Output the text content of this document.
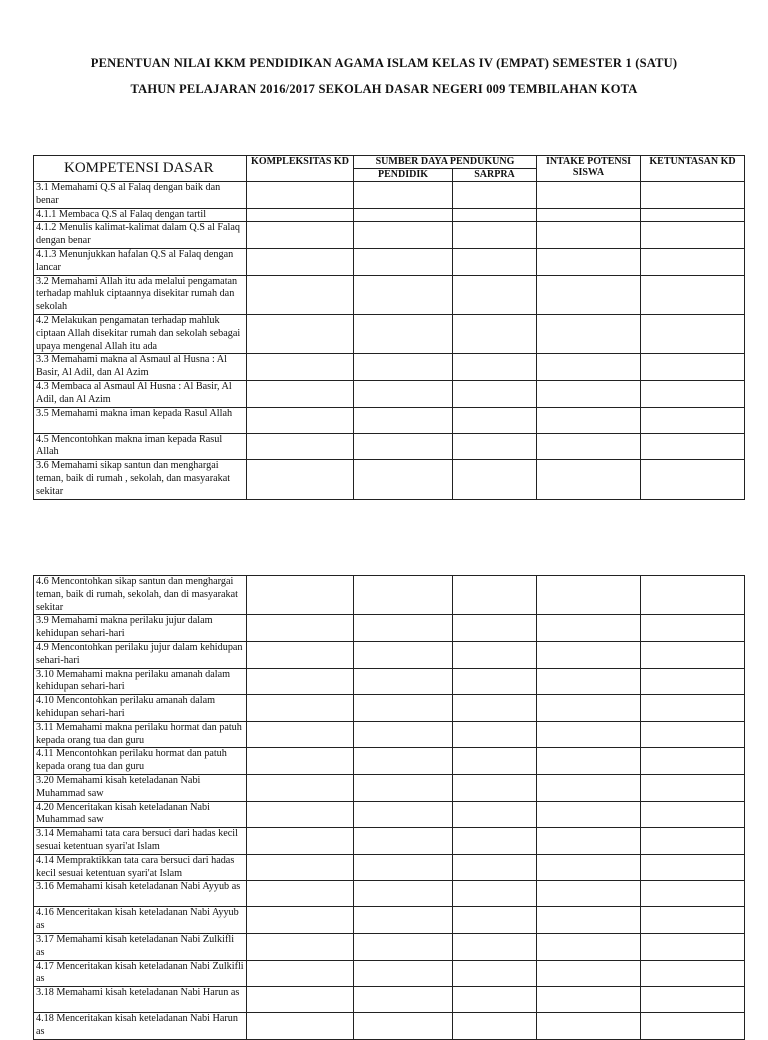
PENENTUAN NILAI KKM PENDIDIKAN AGAMA ISLAM KELAS IV (EMPAT) SEMESTER 1 (SATU)
TAHUN PELAJARAN 2016/2017 SEKOLAH DASAR NEGERI 009 TEMBILAHAN KOTA
KOMPETENSI DASAR	KOMPLEKSITAS KD	SUMBER DAYA PENDUKUNG		INTAKE POTENSI SISWA	KETUNTASAN KD
		PENDIDIK	SARPRA		
3.1 Memahami Q.S al Falaq dengan baik dan benar					
4.1.1 Membaca Q.S al Falaq dengan tartil					
4.1.2 Menulis kalimat-kalimat dalam Q.S al Falaq dengan benar					
4.1.3 Menunjukkan hafalan Q.S al Falaq dengan lancar					
3.2 Memahami Allah itu ada melalui pengamatan terhadap mahluk ciptaannya disekitar rumah dan sekolah					
4.2 Melakukan pengamatan terhadap mahluk ciptaan Allah disekitar rumah dan sekolah sebagai upaya mengenal Allah itu ada					
3.3 Memahami makna al Asmaul al Husna : Al Basir, Al Adil, dan Al Azim					
4.3 Membaca al Asmaul Al Husna : Al Basir, Al Adil, dan Al Azim					
3.5 Memahami makna iman kepada Rasul Allah					
4.5 Mencontohkan makna iman kepada Rasul Allah					
3.6 Memahami sikap santun dan menghargai teman, baik di rumah , sekolah, dan masyarakat sekitar					
4.6 Mencontohkan sikap santun dan menghargai teman, baik di rumah, sekolah, dan di masyarakat sekitar					
3.9 Memahami makna perilaku jujur dalam kehidupan sehari-hari					
4.9 Mencontohkan perilaku jujur dalam kehidupan sehari-hari					
3.10 Memahami makna perilaku amanah dalam kehidupan sehari-hari					
4.10 Mencontohkan perilaku amanah dalam kehidupan sehari-hari					
3.11 Memahami makna perilaku hormat dan patuh kepada orang tua dan guru					
4.11 Mencontohkan perilaku hormat dan patuh kepada orang tua dan guru					
3.20 Memahami kisah keteladanan Nabi Muhammad saw					
4.20 Menceritakan kisah keteladanan Nabi Muhammad saw					
3.14 Memahami tata cara bersuci dari hadas kecil sesuai ketentuan syari'at Islam					
4.14 Mempraktikkan tata cara bersuci dari hadas kecil sesuai ketentuan syari'at Islam					
3.16 Memahami kisah keteladanan Nabi Ayyub as					
4.16 Menceritakan kisah keteladanan Nabi Ayyub as					
3.17 Memahami kisah keteladanan Nabi Zulkifli as					
4.17 Menceritakan kisah keteladanan Nabi Zulkifli as					
3.18 Memahami kisah keteladanan Nabi Harun as					
4.18 Menceritakan kisah keteladanan Nabi Harun as					
